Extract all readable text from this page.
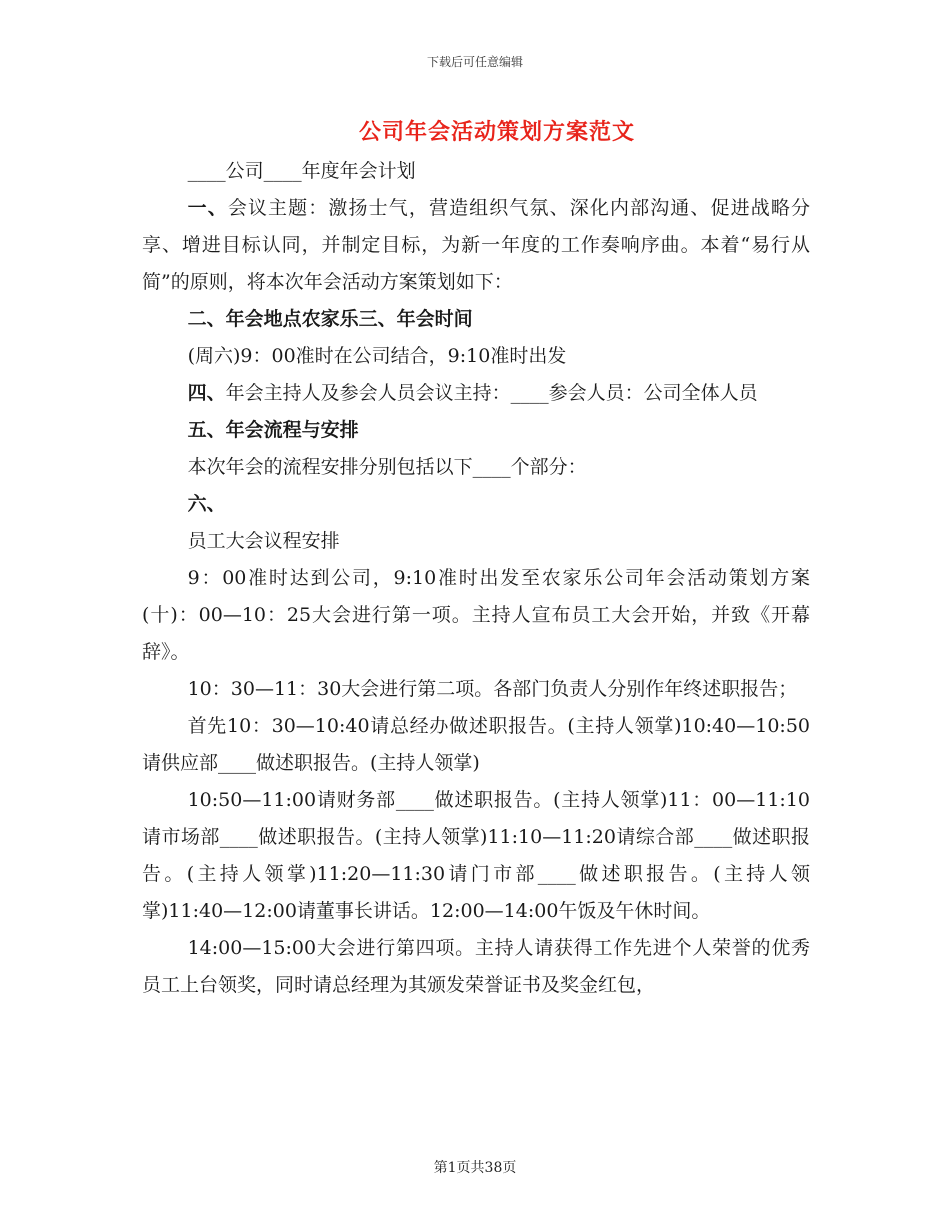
下载后可任意编辑
公司年会活动策划方案范文

____公司____年度年会计划

一、会议主题：激扬士气，营造组织气氛、深化内部沟通、促进战略分享、增进目标认同，并制定目标，为新一年度的工作奏响序曲。本着“易行从简”的原则，将本次年会活动方案策划如下：

二、年会地点农家乐三、年会时间

(周六)9：00准时在公司结合，9:10准时出发

四、年会主持人及参会人员会议主持：____参会人员：公司全体人员

五、年会流程与安排

本次年会的流程安排分别包括以下____个部分：

六、

员工大会议程安排

9：00准时达到公司，9:10准时出发至农家乐公司年会活动策划方案(十)：00—10：25大会进行第一项。主持人宣布员工大会开始，并致《开幕辞》。

10：30—11：30大会进行第二项。各部门负责人分别作年终述职报告；

首先10：30—10:40请总经办做述职报告。(主持人领掌)10:40—10:50请供应部____做述职报告。(主持人领掌)

10:50—11:00请财务部____做述职报告。(主持人领掌)11：00—11:10请市场部____做述职报告。(主持人领掌)11:10—11:20请综合部____做述职报告。(主持人领掌)11:20—11:30请门市部____做述职报告。(主持人领掌)11:40—12:00请董事长讲话。12:00—14:00午饭及午休时间。

14:00—15:00大会进行第四项。主持人请获得工作先进个人荣誉的优秀员工上台领奖，同时请总经理为其颁发荣誉证书及奖金红包，

第1页共38页
